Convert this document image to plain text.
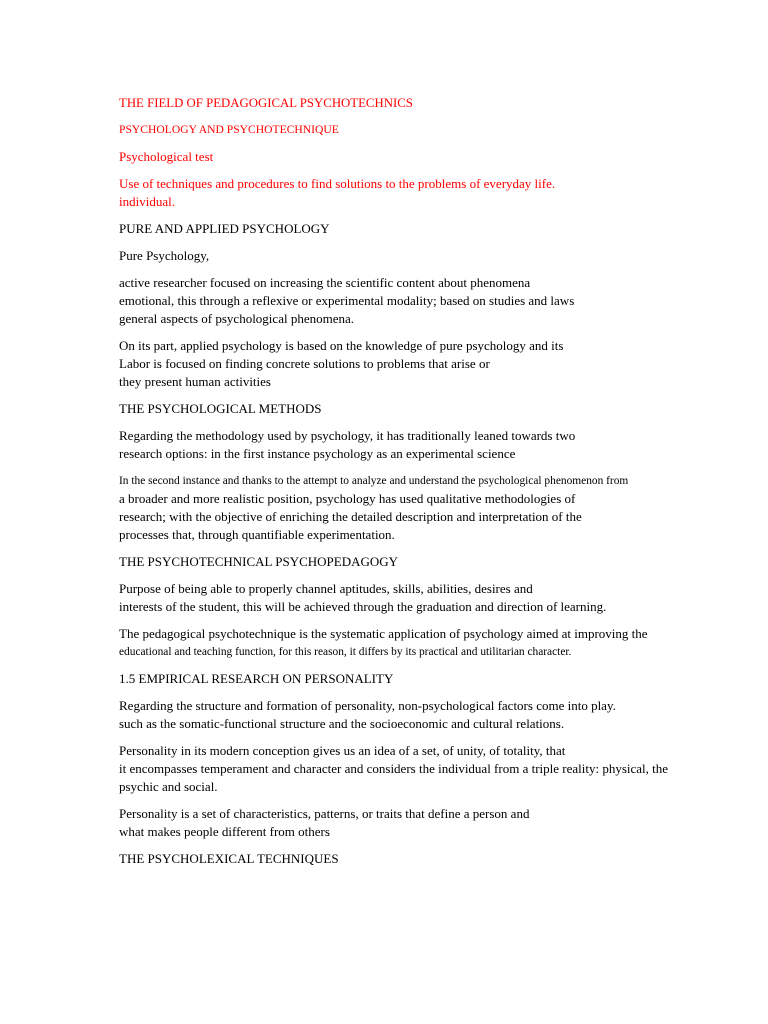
THE FIELD OF PEDAGOGICAL PSYCHOTECHNICS
PSYCHOLOGY AND PSYCHOTECHNIQUE
Psychological test
Use of techniques and procedures to find solutions to the problems of everyday life.
individual.
PURE AND APPLIED PSYCHOLOGY
Pure Psychology,
active researcher focused on increasing the scientific content about phenomena
emotional, this through a reflexive or experimental modality; based on studies and laws
general aspects of psychological phenomena.
On its part, applied psychology is based on the knowledge of pure psychology and its
Labor is focused on finding concrete solutions to problems that arise or
they present human activities
THE PSYCHOLOGICAL METHODS
Regarding the methodology used by psychology, it has traditionally leaned towards two
research options: in the first instance psychology as an experimental science
In the second instance and thanks to the attempt to analyze and understand the psychological phenomenon from
a broader and more realistic position, psychology has used qualitative methodologies of
research; with the objective of enriching the detailed description and interpretation of the
processes that, through quantifiable experimentation.
THE PSYCHOTECHNICAL PSYCHOPEDAGOGY
Purpose of being able to properly channel aptitudes, skills, abilities, desires and
interests of the student, this will be achieved through the graduation and direction of learning.
The pedagogical psychotechnique is the systematic application of psychology aimed at improving the
educational and teaching function, for this reason, it differs by its practical and utilitarian character.
1.5 EMPIRICAL RESEARCH ON PERSONALITY
Regarding the structure and formation of personality, non-psychological factors come into play.
such as the somatic-functional structure and the socioeconomic and cultural relations.
Personality in its modern conception gives us an idea of a set, of unity, of totality, that
it encompasses temperament and character and considers the individual from a triple reality: physical, the
psychic and social.
Personality is a set of characteristics, patterns, or traits that define a person and
what makes people different from others
THE PSYCHOLEXICAL TECHNIQUES
